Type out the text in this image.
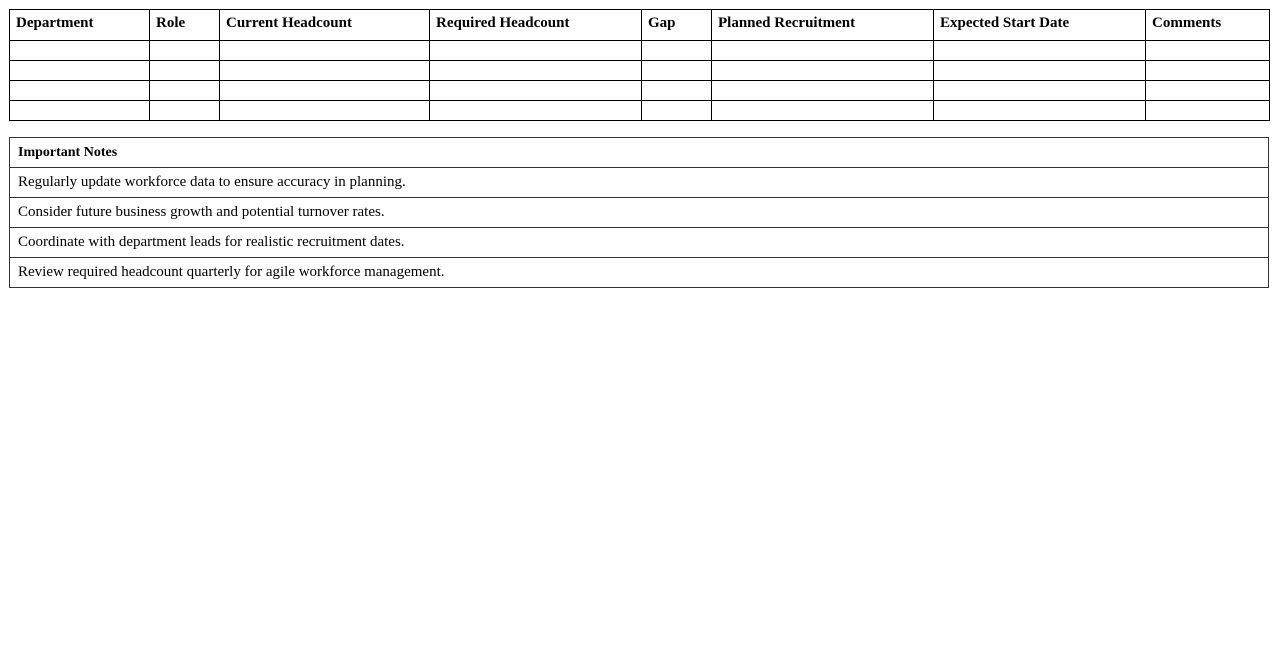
Department	Role	Current Headcount	Required Headcount	Gap	Planned Recruitment	Expected Start Date	Comments

Important Notes
Regularly update workforce data to ensure accuracy in planning.
Consider future business growth and potential turnover rates.
Coordinate with department leads for realistic recruitment dates.
Review required headcount quarterly for agile workforce management.
